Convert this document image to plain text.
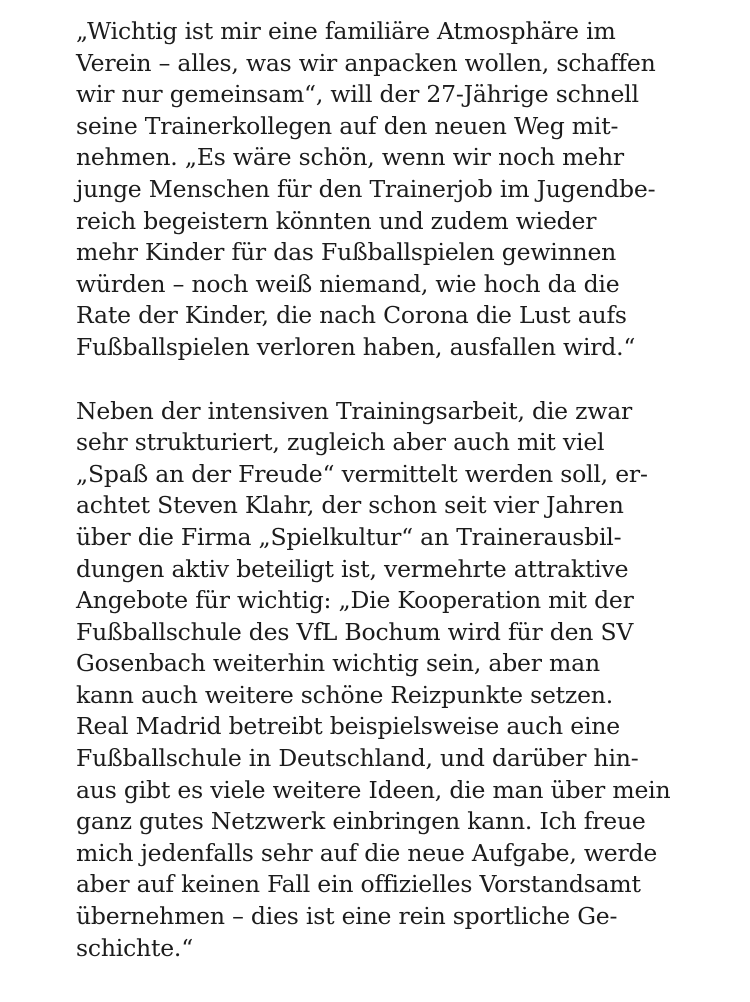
„Wichtig ist mir eine familiäre Atmosphäre im
Verein – alles, was wir anpacken wollen, schaffen
wir nur gemeinsam“, will der 27-Jährige schnell
seine Trainerkollegen auf den neuen Weg mit-
nehmen. „Es wäre schön, wenn wir noch mehr
junge Menschen für den Trainerjob im Jugendbe-
reich begeistern könnten und zudem wieder
mehr Kinder für das Fußballspielen gewinnen
würden – noch weiß niemand, wie hoch da die
Rate der Kinder, die nach Corona die Lust aufs
Fußballspielen verloren haben, ausfallen wird.“

Neben der intensiven Trainingsarbeit, die zwar
sehr strukturiert, zugleich aber auch mit viel
„Spaß an der Freude“ vermittelt werden soll, er-
achtet Steven Klahr, der schon seit vier Jahren
über die Firma „Spielkultur“ an Trainerausbil-
dungen aktiv beteiligt ist, vermehrte attraktive
Angebote für wichtig: „Die Kooperation mit der
Fußballschule des VfL Bochum wird für den SV
Gosenbach weiterhin wichtig sein, aber man
kann auch weitere schöne Reizpunkte setzen.
Real Madrid betreibt beispielsweise auch eine
Fußballschule in Deutschland, und darüber hin-
aus gibt es viele weitere Ideen, die man über mein
ganz gutes Netzwerk einbringen kann. Ich freue
mich jedenfalls sehr auf die neue Aufgabe, werde
aber auf keinen Fall ein offizielles Vorstandsamt
übernehmen – dies ist eine rein sportliche Ge-
schichte.“
